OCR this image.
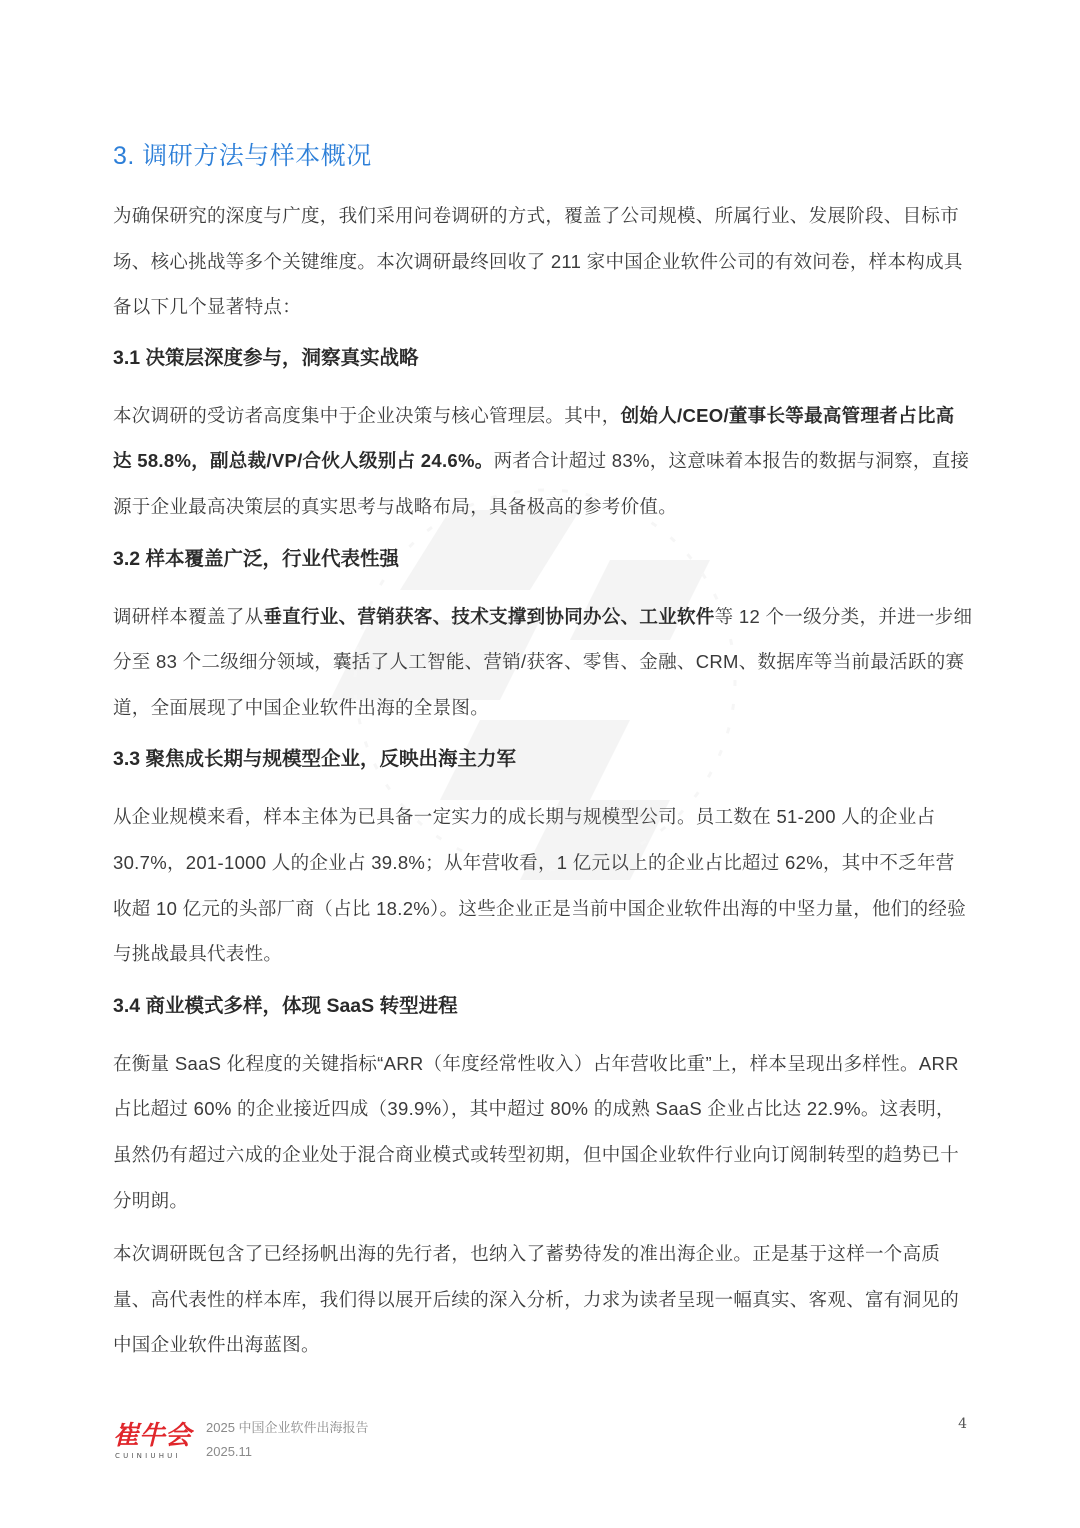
3. 调研方法与样本概况

为确保研究的深度与广度，我们采用问卷调研的方式，覆盖了公司规模、所属行业、发展阶段、目标市场、核心挑战等多个关键维度。本次调研最终回收了 211 家中国企业软件公司的有效问卷，样本构成具备以下几个显著特点：

3.1 决策层深度参与，洞察真实战略

本次调研的受访者高度集中于企业决策与核心管理层。其中，创始人/CEO/董事长等最高管理者占比高达 58.8%，副总裁/VP/合伙人级别占 24.6%。两者合计超过 83%，这意味着本报告的数据与洞察，直接源于企业最高决策层的真实思考与战略布局，具备极高的参考价值。

3.2 样本覆盖广泛，行业代表性强

调研样本覆盖了从垂直行业、营销获客、技术支撑到协同办公、工业软件等 12 个一级分类，并进一步细分至 83 个二级细分领域，囊括了人工智能、营销/获客、零售、金融、CRM、数据库等当前最活跃的赛道，全面展现了中国企业软件出海的全景图。

3.3 聚焦成长期与规模型企业，反映出海主力军

从企业规模来看，样本主体为已具备一定实力的成长期与规模型公司。员工数在 51-200 人的企业占 30.7%，201-1000 人的企业占 39.8%；从年营收看，1 亿元以上的企业占比超过 62%，其中不乏年营收超 10 亿元的头部厂商（占比 18.2%）。这些企业正是当前中国企业软件出海的中坚力量，他们的经验与挑战最具代表性。

3.4 商业模式多样，体现 SaaS 转型进程

在衡量 SaaS 化程度的关键指标“ARR（年度经常性收入）占年营收比重”上，样本呈现出多样性。ARR 占比超过 60% 的企业接近四成（39.9%），其中超过 80% 的成熟 SaaS 企业占比达 22.9%。这表明，虽然仍有超过六成的企业处于混合商业模式或转型初期，但中国企业软件行业向订阅制转型的趋势已十分明朗。

本次调研既包含了已经扬帆出海的先行者，也纳入了蓄势待发的准出海企业。正是基于这样一个高质量、高代表性的样本库，我们得以展开后续的深入分析，力求为读者呈现一幅真实、客观、富有洞见的中国企业软件出海蓝图。

崔牛会
CUINIUHUI
2025 中国企业软件出海报告
2025.11
4
